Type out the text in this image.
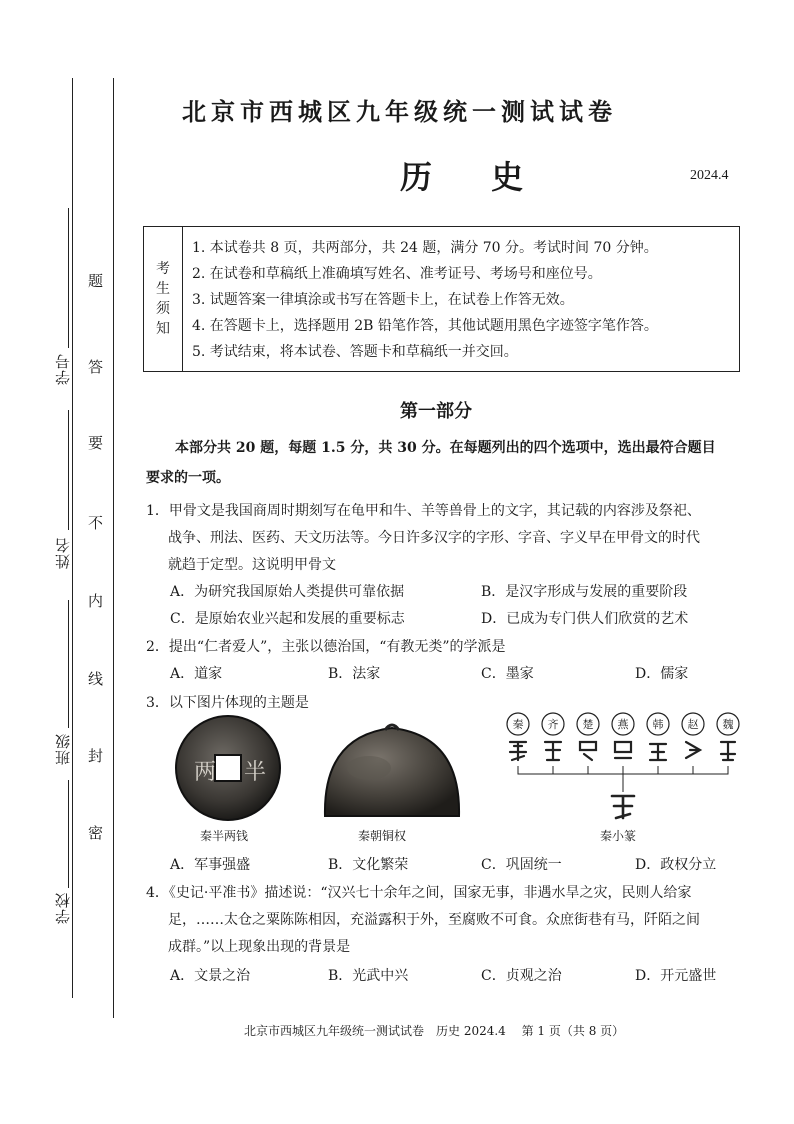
题
答
要
不
内
线
封
密
学号
姓名
班级
学校
北京市西城区九年级统一测试试卷
历 史	2024.4
考
生
须
知
1. 本试卷共 8 页，共两部分，共 24 题，满分 70 分。考试时间 70 分钟。
2. 在试卷和草稿纸上准确填写姓名、准考证号、考场号和座位号。
3. 试题答案一律填涂或书写在答题卡上，在试卷上作答无效。
4. 在答题卡上，选择题用 2B 铅笔作答，其他试题用黑色字迹签字笔作答。
5. 考试结束，将本试卷、答题卡和草稿纸一并交回。
第一部分
本部分共 20 题，每题 1.5 分，共 30 分。在每题列出的四个选项中，选出最符合题目
要求的一项。
1．甲骨文是我国商周时期刻写在龟甲和牛、羊等兽骨上的文字，其记载的内容涉及祭祀、
战争、刑法、医药、天文历法等。今日许多汉字的字形、字音、字义早在甲骨文的时代
就趋于定型。这说明甲骨文
A．为研究我国原始人类提供可靠依据	B．是汉字形成与发展的重要阶段
C．是原始农业兴起和发展的重要标志	D．已成为专门供人们欣赏的艺术
2．提出“仁者爱人”，主张以德治国，“有教无类”的学派是
A．道家	B．法家	C．墨家	D．儒家
3．以下图片体现的主题是
两 半
秦半两钱	秦朝铜权
秦 齐 楚 燕 韩 赵 魏
秦小篆
A．军事强盛	B．文化繁荣	C．巩固统一	D．政权分立
4．《史记·平准书》描述说：“汉兴七十余年之间，国家无事，非遇水旱之灾，民则人给家
足，……太仓之粟陈陈相因，充溢露积于外，至腐败不可食。众庶街巷有马，阡陌之间
成群。”以上现象出现的背景是
A．文景之治	B．光武中兴	C．贞观之治	D．开元盛世
北京市西城区九年级统一测试试卷　历史 2024.4　 第 1 页（共 8 页）
